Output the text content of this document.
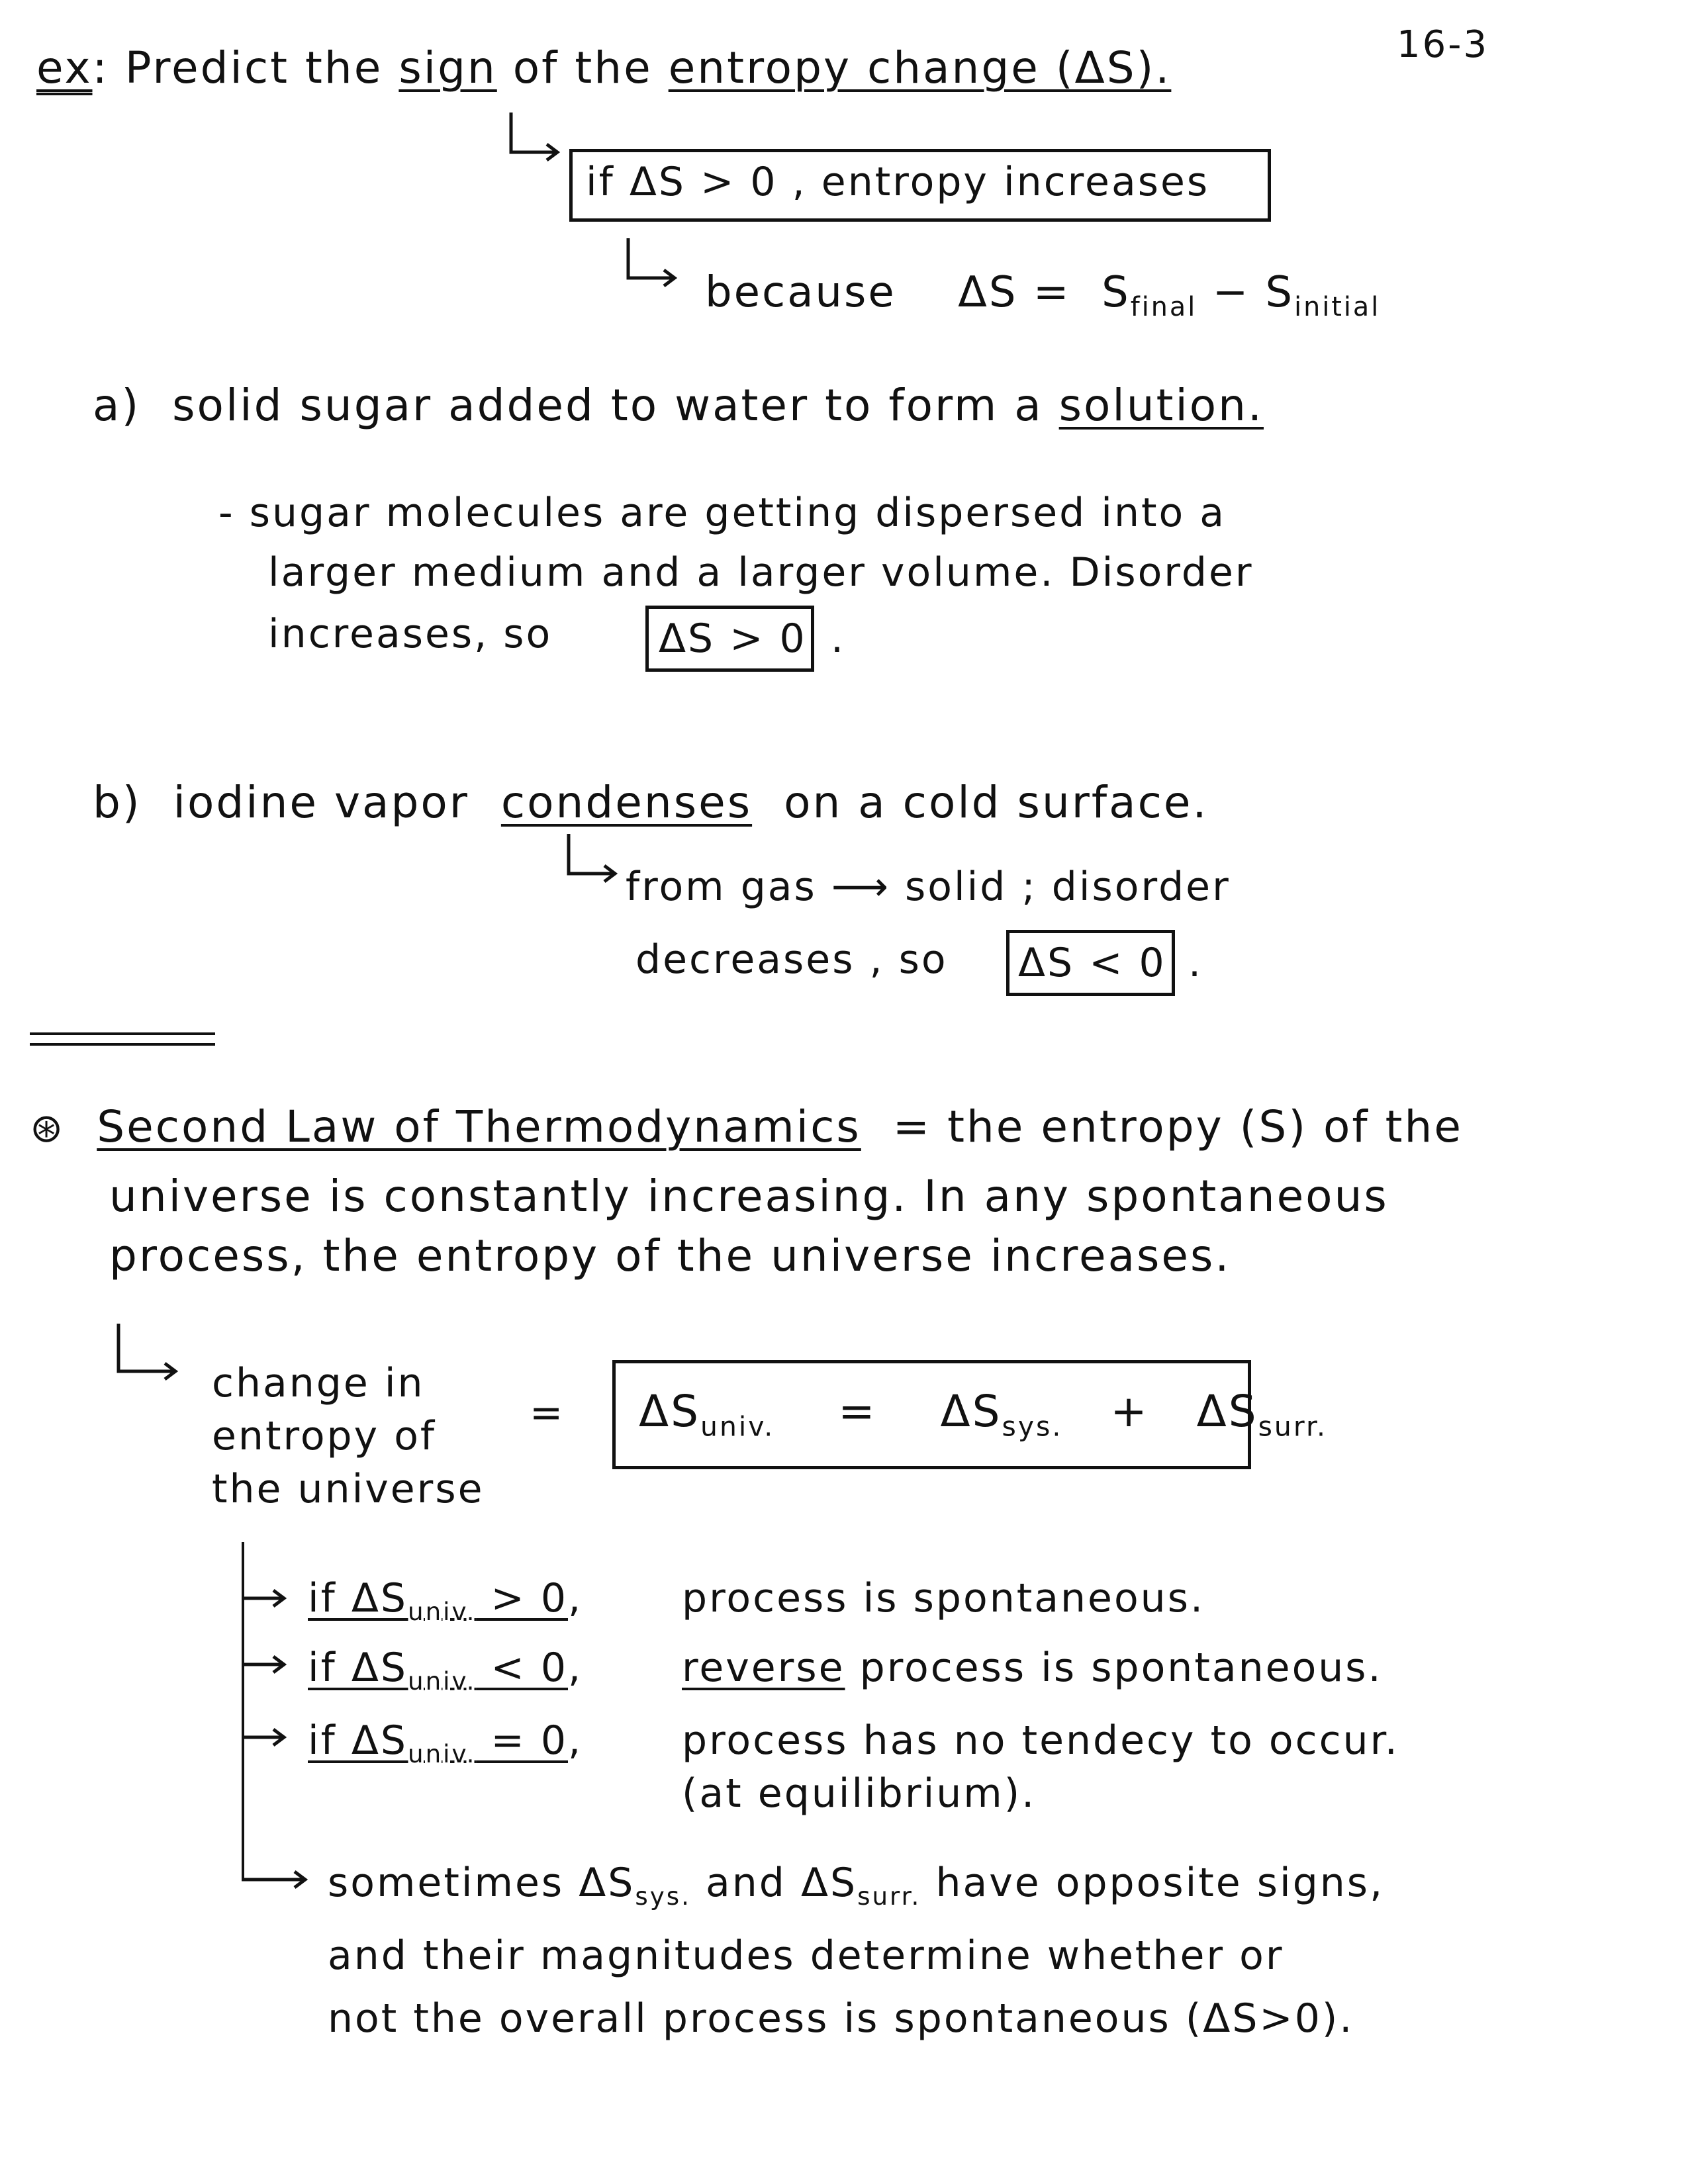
16-3
ex: Predict the sign of the entropy change (ΔS).
if ΔS > 0 , entropy increases
because $\Delta S = S_{final} - S_{initial}$
a) solid sugar added to water to form a solution.
- sugar molecules are getting dispersed into a
larger medium and a larger volume. Disorder
increases, so	ΔS > 0 .
b) iodine vapor condenses on a cold surface.
from gas ⟶ solid ; disorder
decreases , so ΔS < 0 .
⊛ Second Law of Thermodynamics = the entropy (S) of the
universe is constantly increasing. In any spontaneous
process, the entropy of the universe increases.
change in
entropy of
the universe
= $\Delta S_{univ.} = \Delta S_{sys.} + \Delta S_{surr.}$
if $\Delta S_{univ.} > 0$, process is spontaneous.
if $\Delta S_{univ.} < 0$, reverse process is spontaneous.
if $\Delta S_{univ.} = 0$, process has no tendecy to occur.
(at equilibrium).
sometimes $\Delta S_{sys.}$ and $\Delta S_{surr.}$ have opposite signs,
and their magnitudes determine whether or
not the overall process is spontaneous (ΔS>0).
